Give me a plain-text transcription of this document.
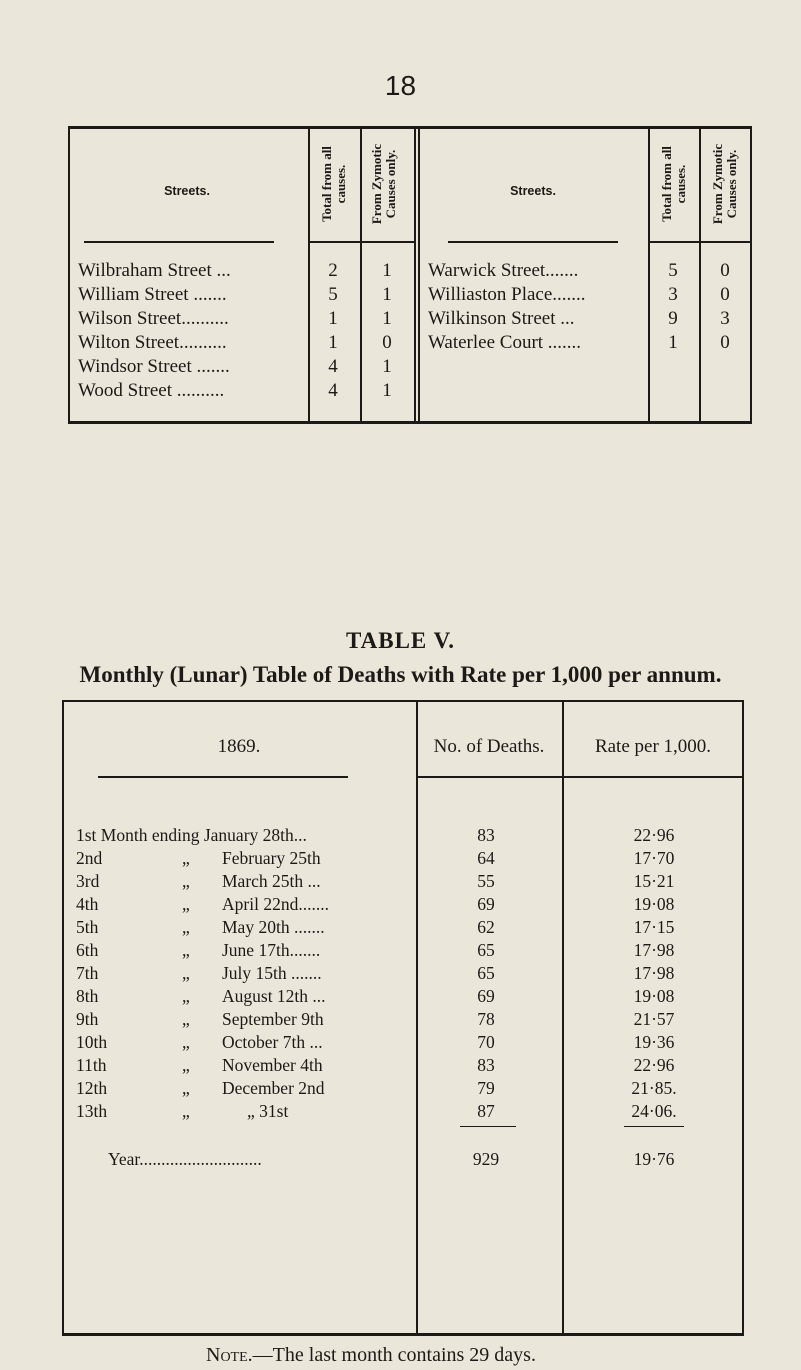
18
Streets.	Streets.
Total from all causes. From Zymotic Causes only.	Total from all causes. From Zymotic Causes only.
Wilbraham Street ...	2	1
William Street .......	5	1
Wilson Street..........	1	1
Wilton Street..........	1	0
Windsor Street .......	4	1
Wood Street ..........	4	1
Warwick Street.......	5	0
Williaston Place.......	3	0
Wilkinson Street ...	9	3
Waterlee Court .......	1	0
TABLE V.
Monthly (Lunar) Table of Deaths with Rate per 1,000 per annum.
1869.	No. of Deaths.	Rate per 1,000.
1st Month ending January 28th...	83	22·96
2nd	„ February 25th	64	17·70
3rd	„ March 25th ...	55	15·21
4th	„ April 22nd.......	69	19·08
5th	„ May 20th .......	62	17·15
6th	„ June 17th.......	65	17·98
7th	„ July 15th .......	65	17·98
8th	„ August 12th ...	69	19·08
9th	„ September 9th	78	21·57
10th	„ October 7th ...	70	19·36
11th	„ November 4th	83	22·96
12th	„ December 2nd	79	21·85.
13th	„	„ 31st	87	24·06.
Year............................	929	19·76
Note.—The last month contains 29 days.
